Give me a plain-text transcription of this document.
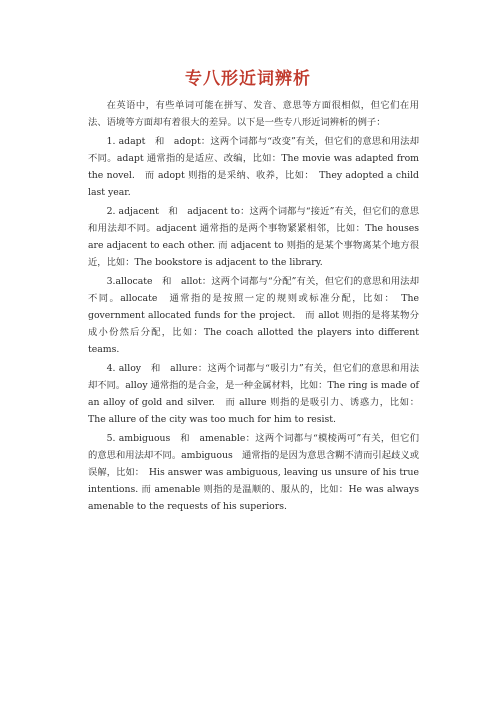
专八形近词辨析

在英语中，有些单词可能在拼写、发音、意思等方面很相似，但它们在用法、语境等方面却有着很大的差异。以下是一些专八形近词辨析的例子：

1. adapt　和　adopt：这两个词都与“改变”有关，但它们的意思和用法却不同。adapt 通常指的是适应、改编，比如：The movie was adapted from the novel.　而 adopt 则指的是采纳、收养，比如：　They adopted a child last year.

2. adjacent　和　adjacent to：这两个词都与“接近”有关，但它们的意思和用法却不同。adjacent 通常指的是两个事物紧紧相邻，比如：The houses are adjacent to each other. 而 adjacent to 则指的是某个事物离某个地方很近，比如：The bookstore is adjacent to the library.

3.allocate　和　allot：这两个词都与“分配”有关，但它们的意思和用法却不同。allocate　通常指的是按照一定的规则或标准分配，比如：　The government allocated funds for the project.　而 allot 则指的是将某物分成小份然后分配，比如：The coach allotted the players into different teams.

4. alloy　和　allure：这两个词都与“吸引力”有关，但它们的意思和用法却不同。alloy 通常指的是合金，是一种金属材料，比如：The ring is made of an alloy of gold and silver.　而 allure 则指的是吸引力、诱惑力，比如：The allure of the city was too much for him to resist.

5. ambiguous　和　amenable：这两个词都与“模棱两可”有关，但它们的意思和用法却不同。ambiguous　通常指的是因为意思含糊不清而引起歧义或误解，比如：　His answer was ambiguous, leaving us unsure of his true intentions. 而 amenable 则指的是温顺的、服从的，比如：He was always amenable to the requests of his superiors.
